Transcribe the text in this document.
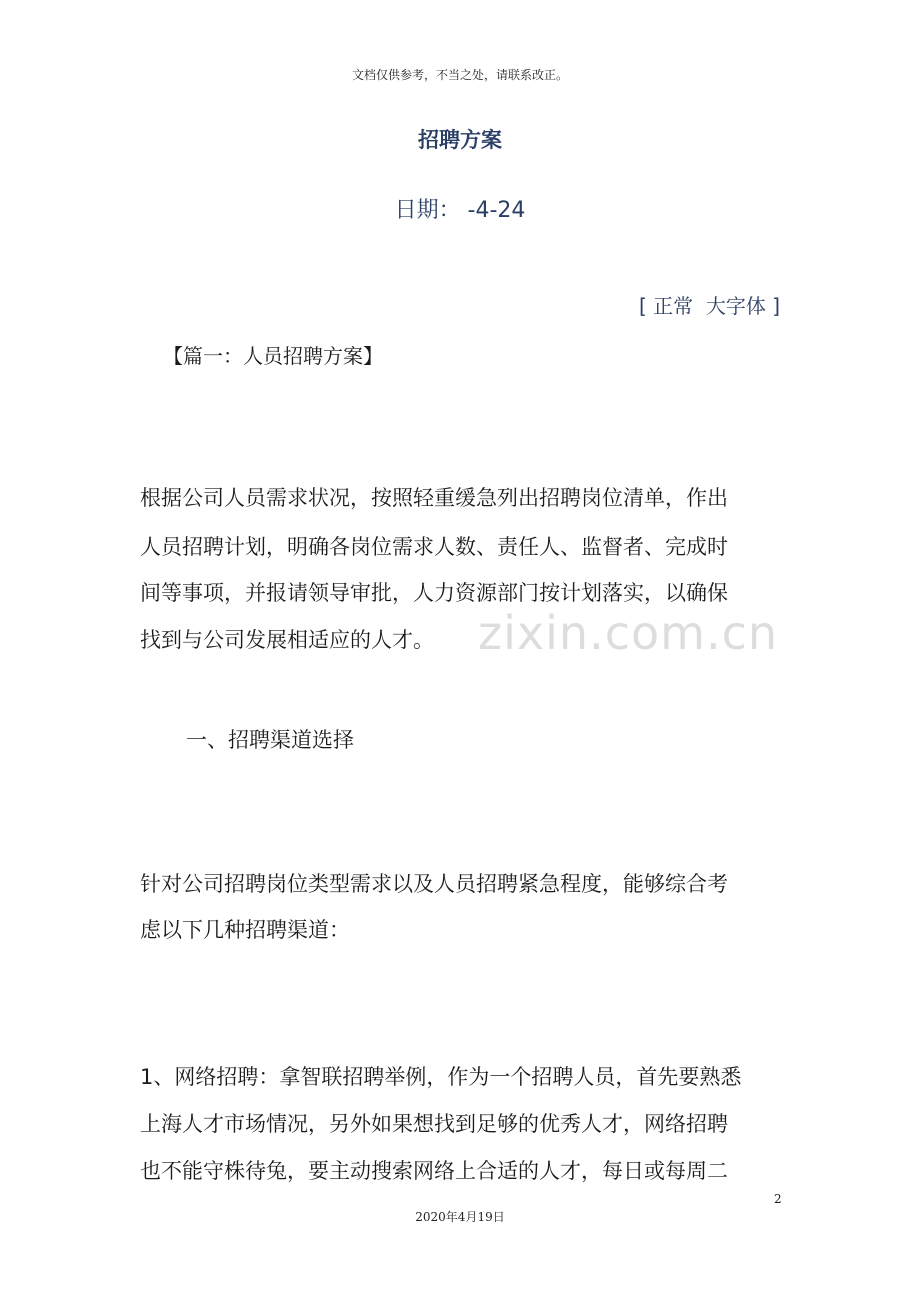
文档仅供参考，不当之处，请联系改正。
招聘方案
日期： -4-24
[ 正常 大字体 ]
【篇一：人员招聘方案】
根据公司人员需求状况，按照轻重缓急列出招聘岗位清单，作出
人员招聘计划，明确各岗位需求人数、责任人、监督者、完成时
间等事项，并报请领导审批，人力资源部门按计划落实，以确保
找到与公司发展相适应的人才。 zixin.com.cn
一、招聘渠道选择
针对公司招聘岗位类型需求以及人员招聘紧急程度，能够综合考
虑以下几种招聘渠道：
1、网络招聘：拿智联招聘举例，作为一个招聘人员，首先要熟悉
上海人才市场情况，另外如果想找到足够的优秀人才，网络招聘
也不能守株待兔，要主动搜索网络上合适的人才，每日或每周二
2
2020年4月19日
